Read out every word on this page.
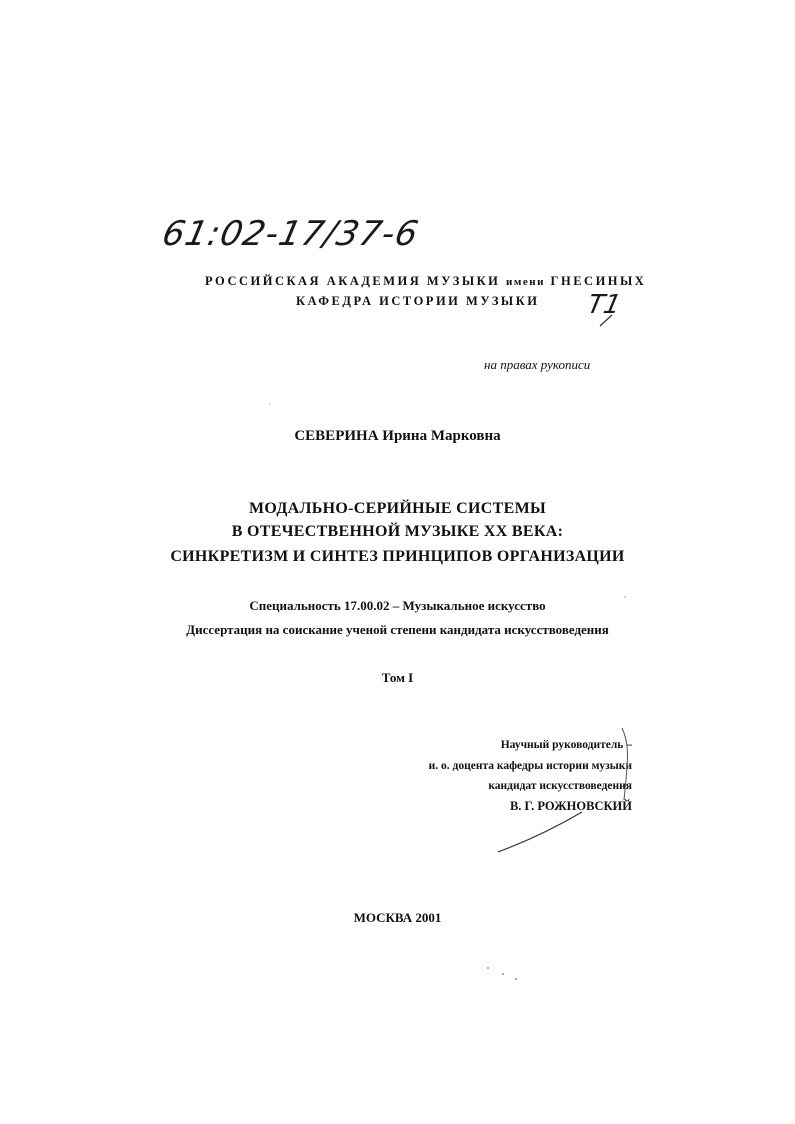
61:02-17/37-6
Т1
РОССИЙСКАЯ АКАДЕМИЯ МУЗЫКИ имени ГНЕСИНЫХ
КАФЕДРА ИСТОРИИ МУЗЫКИ
на правах рукописи
СЕВЕРИНА Ирина Марковна
МОДАЛЬНО-СЕРИЙНЫЕ СИСТЕМЫ
В ОТЕЧЕСТВЕННОЙ МУЗЫКЕ XX ВЕКА:
СИНКРЕТИЗМ И СИНТЕЗ ПРИНЦИПОВ ОРГАНИЗАЦИИ
Специальность 17.00.02 – Музыкальное искусство
Диссертация на соискание ученой степени кандидата искусствоведения
Том I
Научный руководитель –
и. о. доцента кафедры истории музыки
кандидат искусствоведения
В. Г. РОЖНОВСКИЙ
МОСКВА 2001
